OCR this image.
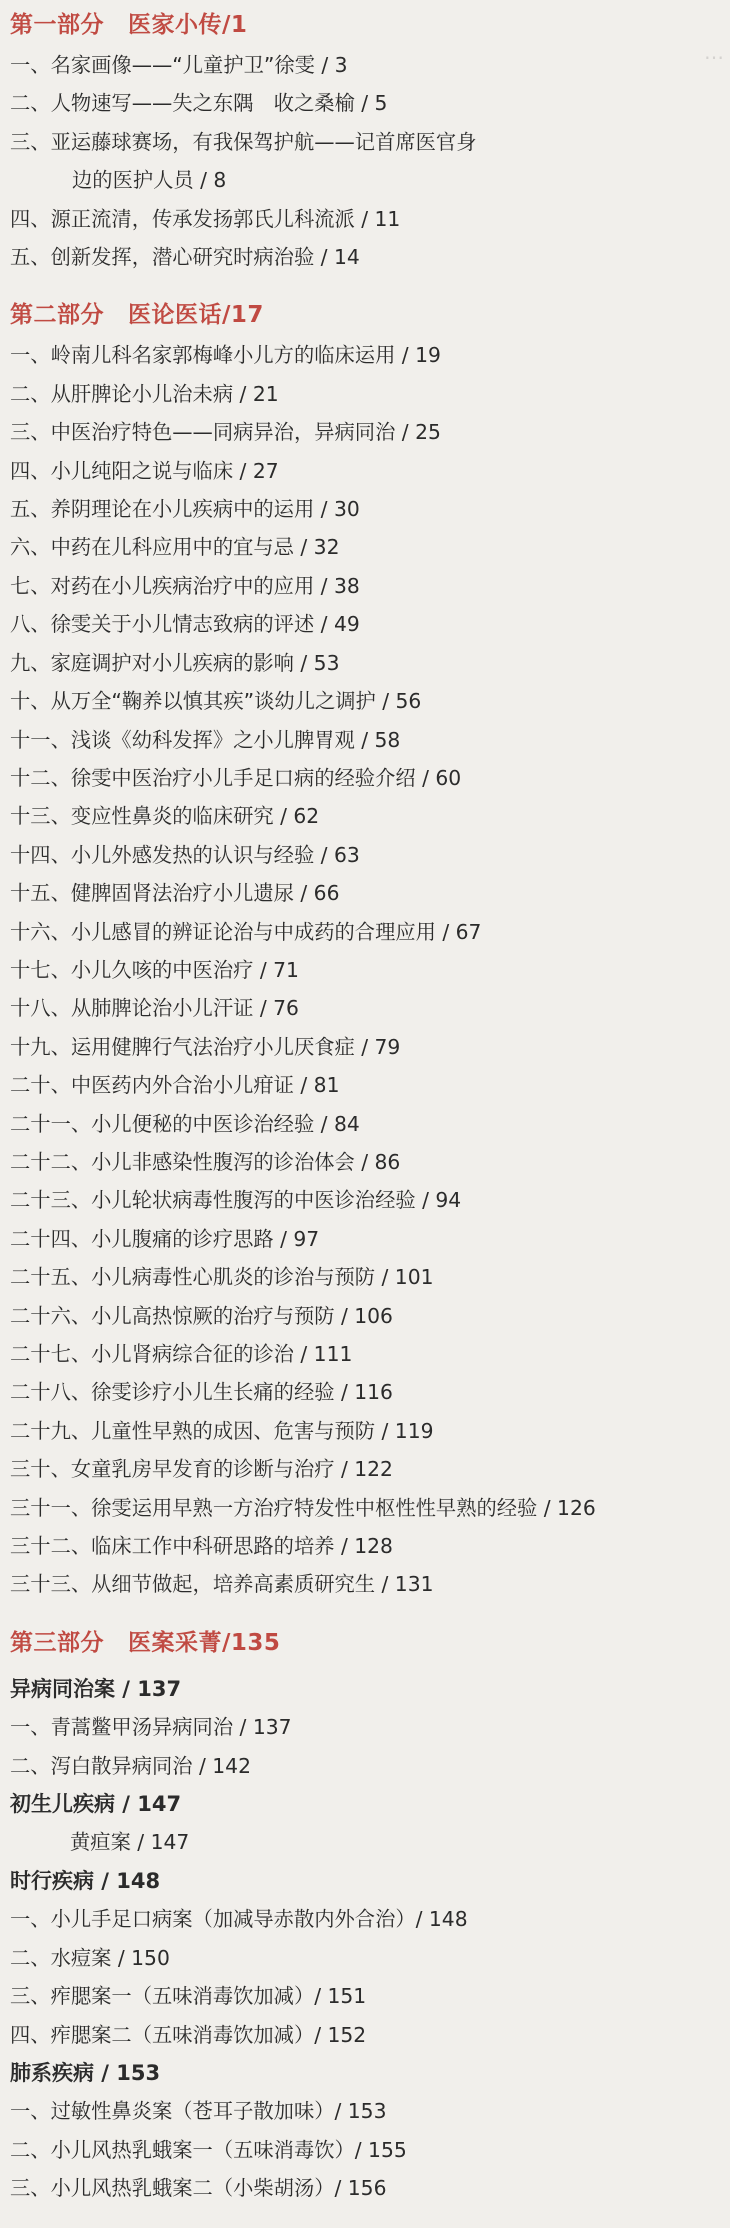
…
第一部分 医家小传/1
一、名家画像——“儿童护卫”徐雯 / 3
二、人物速写——失之东隅　收之桑榆 / 5
三、亚运藤球赛场，有我保驾护航——记首席医官身
边的医护人员 / 8
四、源正流清，传承发扬郭氏儿科流派 / 11
五、创新发挥，潜心研究时病治验 / 14
第二部分 医论医话/17
一、岭南儿科名家郭梅峰小儿方的临床运用 / 19
二、从肝脾论小儿治未病 / 21
三、中医治疗特色——同病异治，异病同治 / 25
四、小儿纯阳之说与临床 / 27
五、养阴理论在小儿疾病中的运用 / 30
六、中药在儿科应用中的宜与忌 / 32
七、对药在小儿疾病治疗中的应用 / 38
八、徐雯关于小儿情志致病的评述 / 49
九、家庭调护对小儿疾病的影响 / 53
十、从万全“鞠养以慎其疾”谈幼儿之调护 / 56
十一、浅谈《幼科发挥》之小儿脾胃观 / 58
十二、徐雯中医治疗小儿手足口病的经验介绍 / 60
十三、变应性鼻炎的临床研究 / 62
十四、小儿外感发热的认识与经验 / 63
十五、健脾固肾法治疗小儿遗尿 / 66
十六、小儿感冒的辨证论治与中成药的合理应用 / 67
十七、小儿久咳的中医治疗 / 71
十八、从肺脾论治小儿汗证 / 76
十九、运用健脾行气法治疗小儿厌食症 / 79
二十、中医药内外合治小儿疳证 / 81
二十一、小儿便秘的中医诊治经验 / 84
二十二、小儿非感染性腹泻的诊治体会 / 86
二十三、小儿轮状病毒性腹泻的中医诊治经验 / 94
二十四、小儿腹痛的诊疗思路 / 97
二十五、小儿病毒性心肌炎的诊治与预防 / 101
二十六、小儿高热惊厥的治疗与预防 / 106
二十七、小儿肾病综合征的诊治 / 111
二十八、徐雯诊疗小儿生长痛的经验 / 116
二十九、儿童性早熟的成因、危害与预防 / 119
三十、女童乳房早发育的诊断与治疗 / 122
三十一、徐雯运用早熟一方治疗特发性中枢性性早熟的经验 / 126
三十二、临床工作中科研思路的培养 / 128
三十三、从细节做起，培养高素质研究生 / 131
第三部分 医案采菁/135
异病同治案 / 137
一、青蒿鳖甲汤异病同治 / 137
二、泻白散异病同治 / 142
初生儿疾病 / 147
黄疸案 / 147
时行疾病 / 148
一、小儿手足口病案（加减导赤散内外合治）/ 148
二、水痘案 / 150
三、痄腮案一（五味消毒饮加减）/ 151
四、痄腮案二（五味消毒饮加减）/ 152
肺系疾病 / 153
一、过敏性鼻炎案（苍耳子散加味）/ 153
二、小儿风热乳蛾案一（五味消毒饮）/ 155
三、小儿风热乳蛾案二（小柴胡汤）/ 156
